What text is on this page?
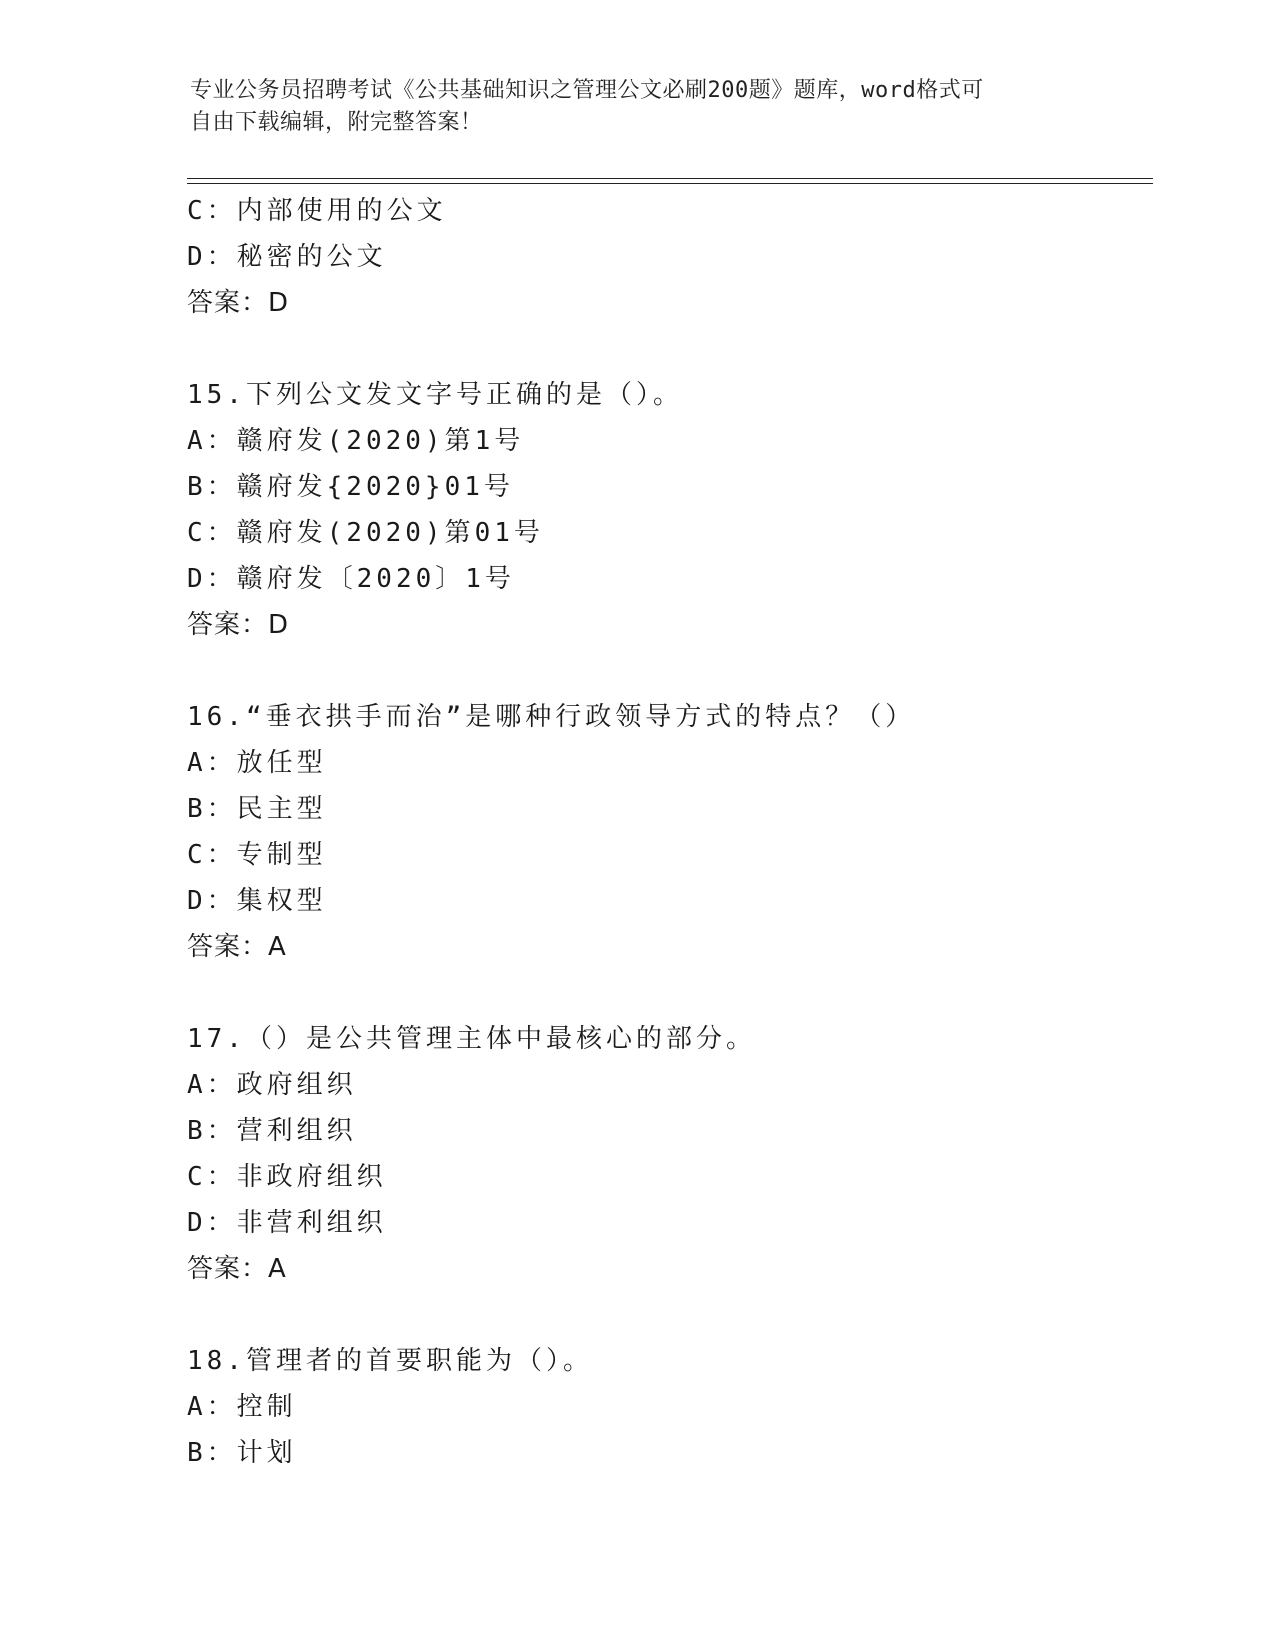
专业公务员招聘考试《公共基础知识之管理公文必刷200题》题库，word格式可
自由下载编辑，附完整答案！
C：内部使用的公文
D：秘密的公文
答案：D
15.下列公文发文字号正确的是（）。
A：赣府发(2020)第1号
B：赣府发{2020}01号
C：赣府发(2020)第01号
D：赣府发〔2020〕1号
答案：D
16.“垂衣拱手而治”是哪种行政领导方式的特点？（）
A：放任型
B：民主型
C：专制型
D：集权型
答案：A
17.（）是公共管理主体中最核心的部分。
A：政府组织
B：营利组织
C：非政府组织
D：非营利组织
答案：A
18.管理者的首要职能为（）。
A：控制
B：计划
